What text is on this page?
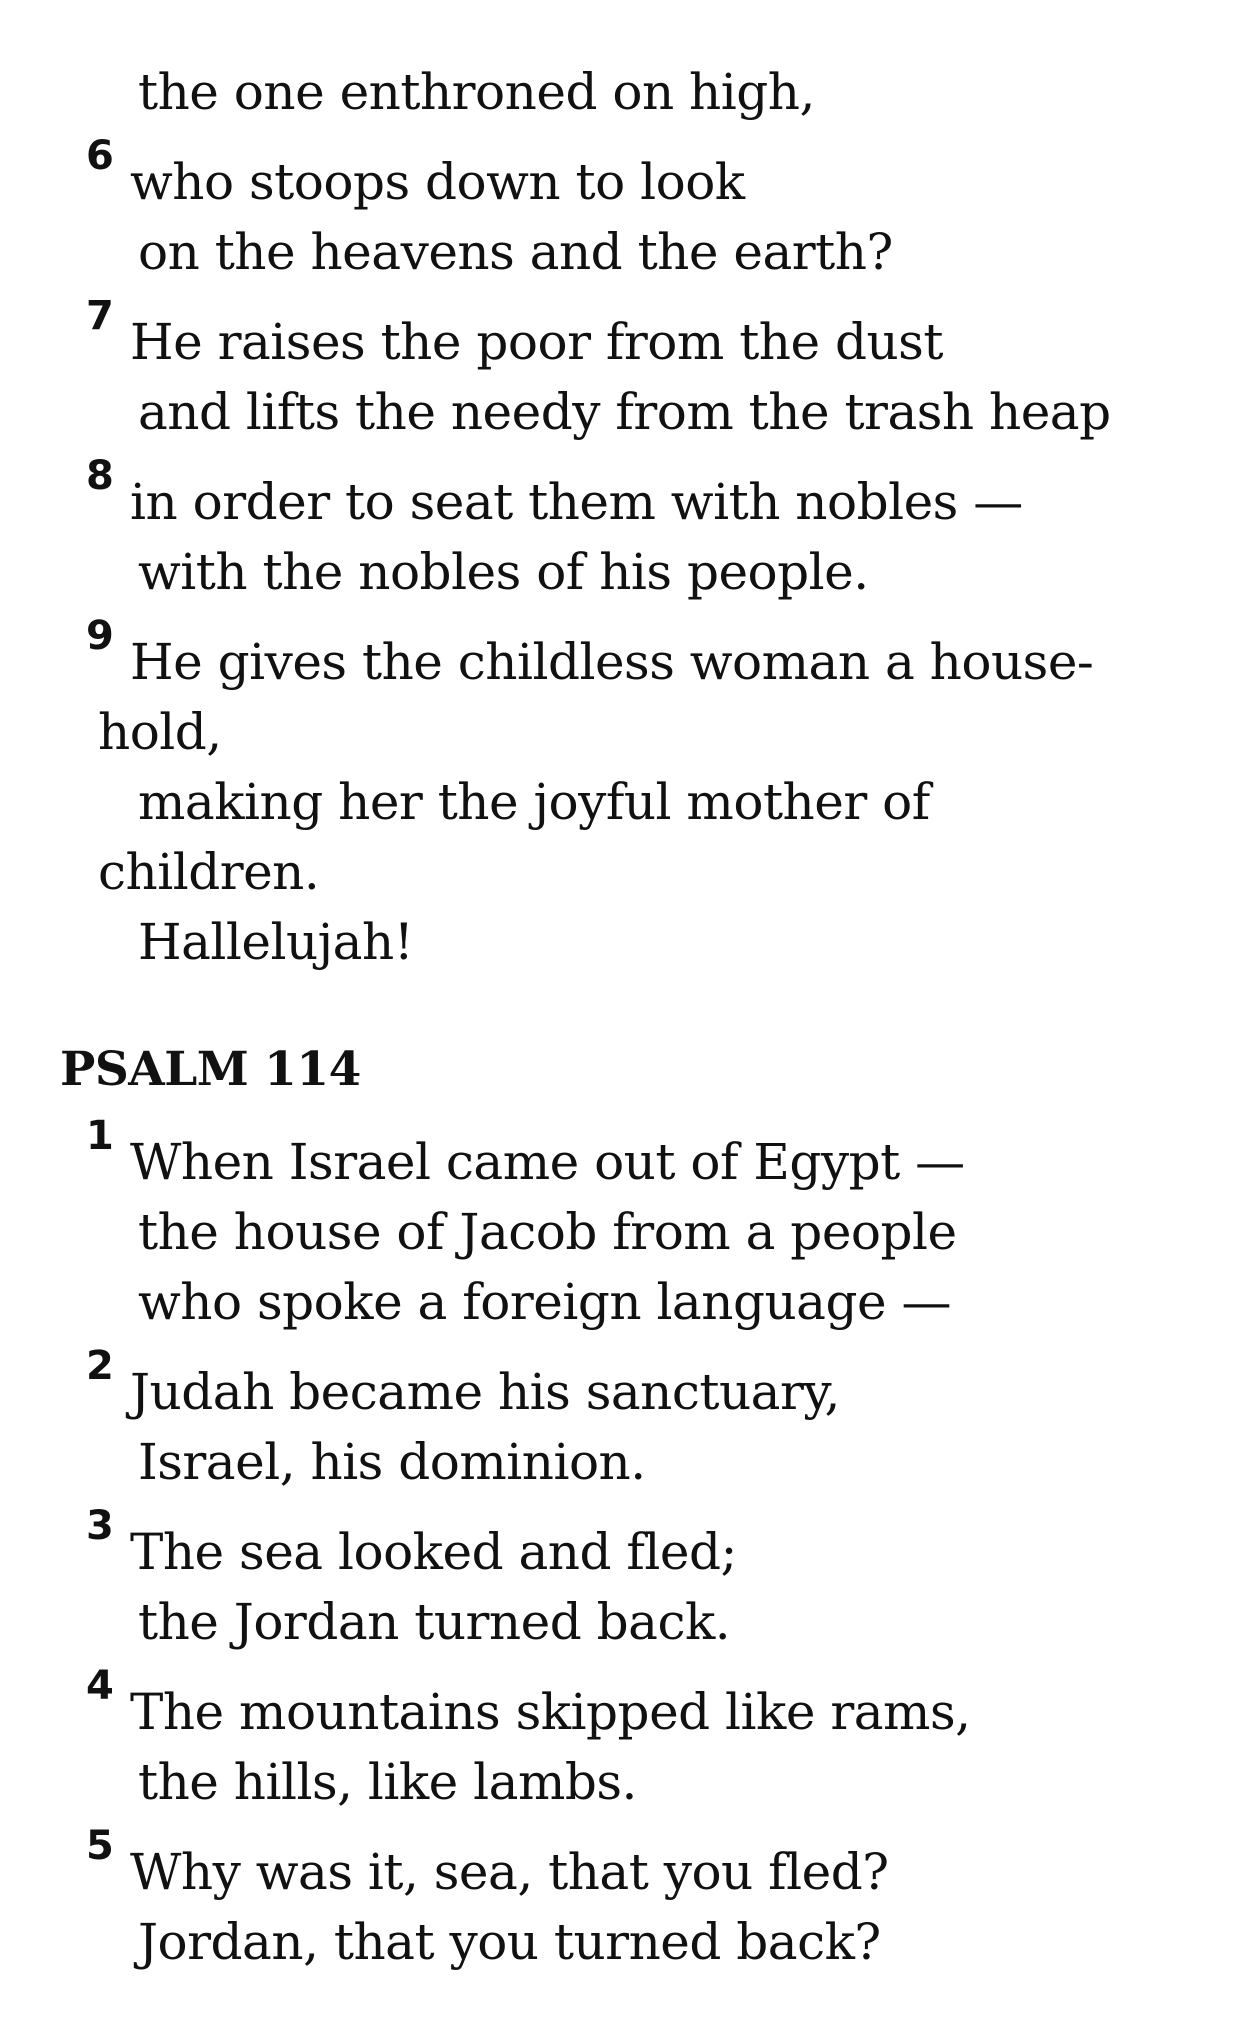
the one enthroned on high,
6 who stoops down to look
on the heavens and the earth?
7 He raises the poor from the dust
and lifts the needy from the trash heap
8 in order to seat them with nobles —
with the nobles of his people.
9 He gives the childless woman a house-
hold,
making her the joyful mother of
children.
Hallelujah!
PSALM 114
1 When Israel came out of Egypt —
the house of Jacob from a people
who spoke a foreign language —
2 Judah became his sanctuary,
Israel, his dominion.
3 The sea looked and fled;
the Jordan turned back.
4 The mountains skipped like rams,
the hills, like lambs.
5 Why was it, sea, that you fled?
Jordan, that you turned back?
